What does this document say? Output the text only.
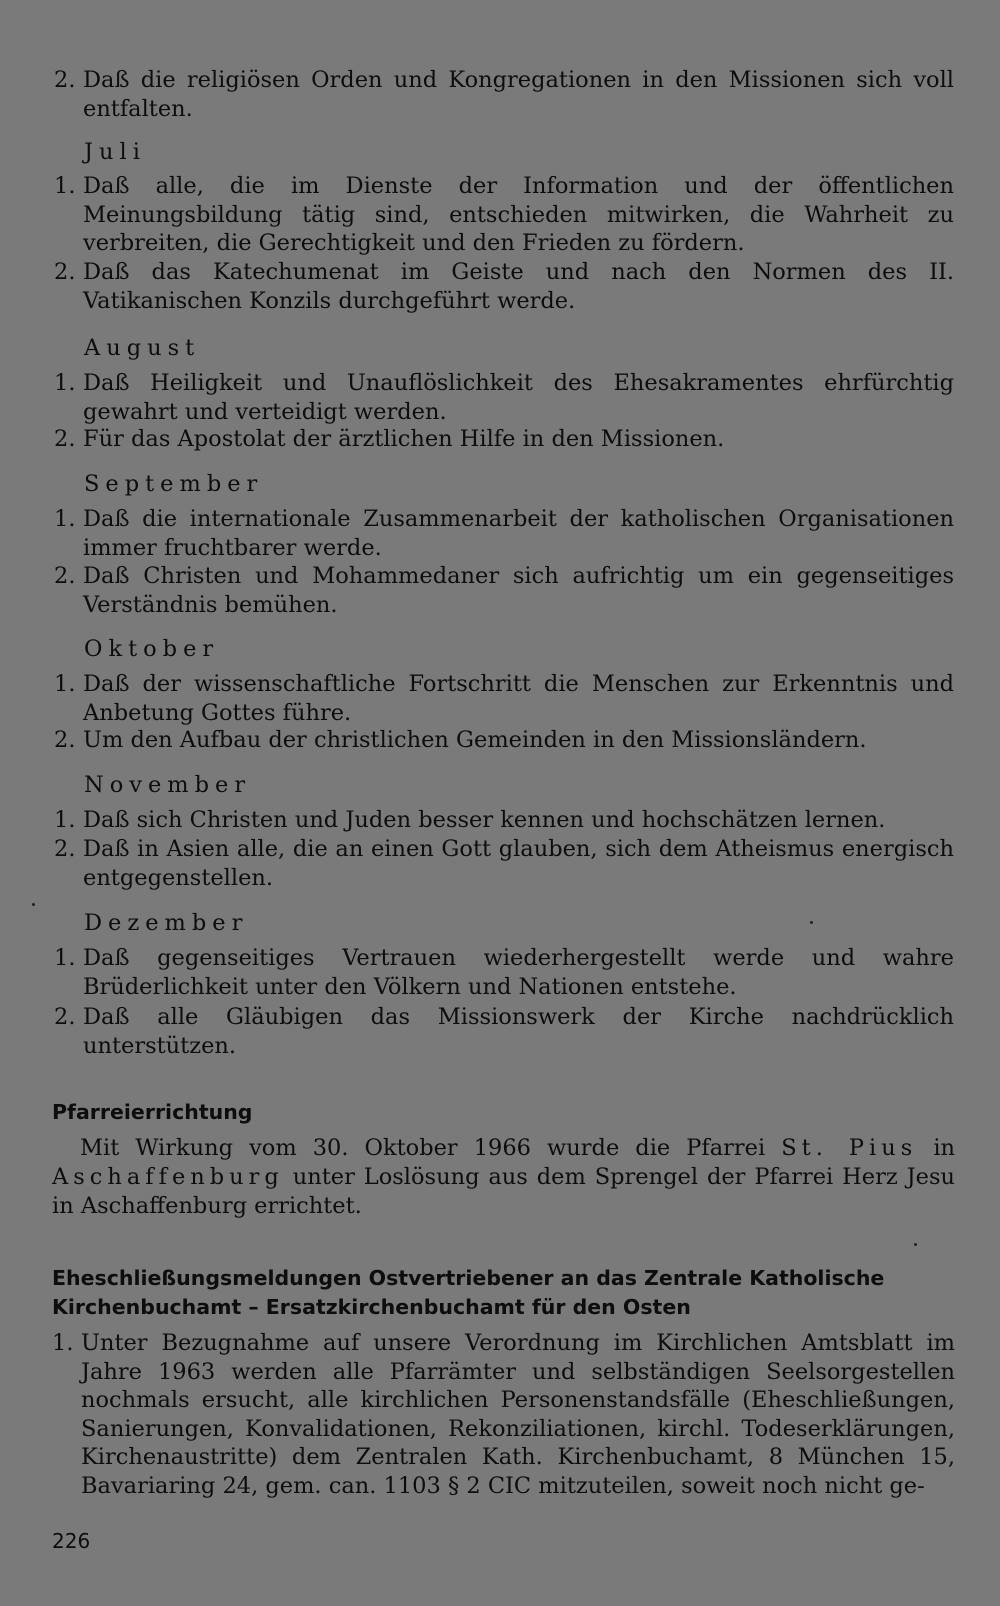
2. Daß die religiösen Orden und Kongregationen in den Missionen sich voll entfalten.
Juli
1. Daß alle, die im Dienste der Information und der öffentlichen Meinungsbildung tätig sind, entschieden mitwirken, die Wahrheit zu verbreiten, die Gerechtigkeit und den Frieden zu fördern.
2. Daß das Katechumenat im Geiste und nach den Normen des II. Vatikanischen Konzils durchgeführt werde.
August
1. Daß Heiligkeit und Unauflöslichkeit des Ehesakramentes ehrfürchtig gewahrt und verteidigt werden.
2. Für das Apostolat der ärztlichen Hilfe in den Missionen.
September
1. Daß die internationale Zusammenarbeit der katholischen Organisationen immer fruchtbarer werde.
2. Daß Christen und Mohammedaner sich aufrichtig um ein gegenseitiges Verständnis bemühen.
Oktober
1. Daß der wissenschaftliche Fortschritt die Menschen zur Erkenntnis und Anbetung Gottes führe.
2. Um den Aufbau der christlichen Gemeinden in den Missionsländern.
November
1. Daß sich Christen und Juden besser kennen und hochschätzen lernen.
2. Daß in Asien alle, die an einen Gott glauben, sich dem Atheismus energisch entgegenstellen.
Dezember
1. Daß gegenseitiges Vertrauen wiederhergestellt werde und wahre Brüderlichkeit unter den Völkern und Nationen entstehe.
2. Daß alle Gläubigen das Missionswerk der Kirche nachdrücklich unterstützen.
Pfarreierrichtung
Mit Wirkung vom 30. Oktober 1966 wurde die Pfarrei St. Pius in Aschaffenburg unter Loslösung aus dem Sprengel der Pfarrei Herz Jesu in Aschaffenburg errichtet.
Eheschließungsmeldungen Ostvertriebener an das Zentrale Katholische Kirchenbuchamt – Ersatzkirchenbuchamt für den Osten
1. Unter Bezugnahme auf unsere Verordnung im Kirchlichen Amtsblatt im Jahre 1963 werden alle Pfarrämter und selbständigen Seelsorgestellen nochmals ersucht, alle kirchlichen Personenstandsfälle (Eheschließungen, Sanierungen, Konvalidationen, Rekonziliationen, kirchl. Todeserklärungen, Kirchenaustritte) dem Zentralen Kath. Kirchenbuchamt, 8 München 15, Bavariaring 24, gem. can. 1103 § 2 CIC mitzuteilen, soweit noch nicht ge-
226
